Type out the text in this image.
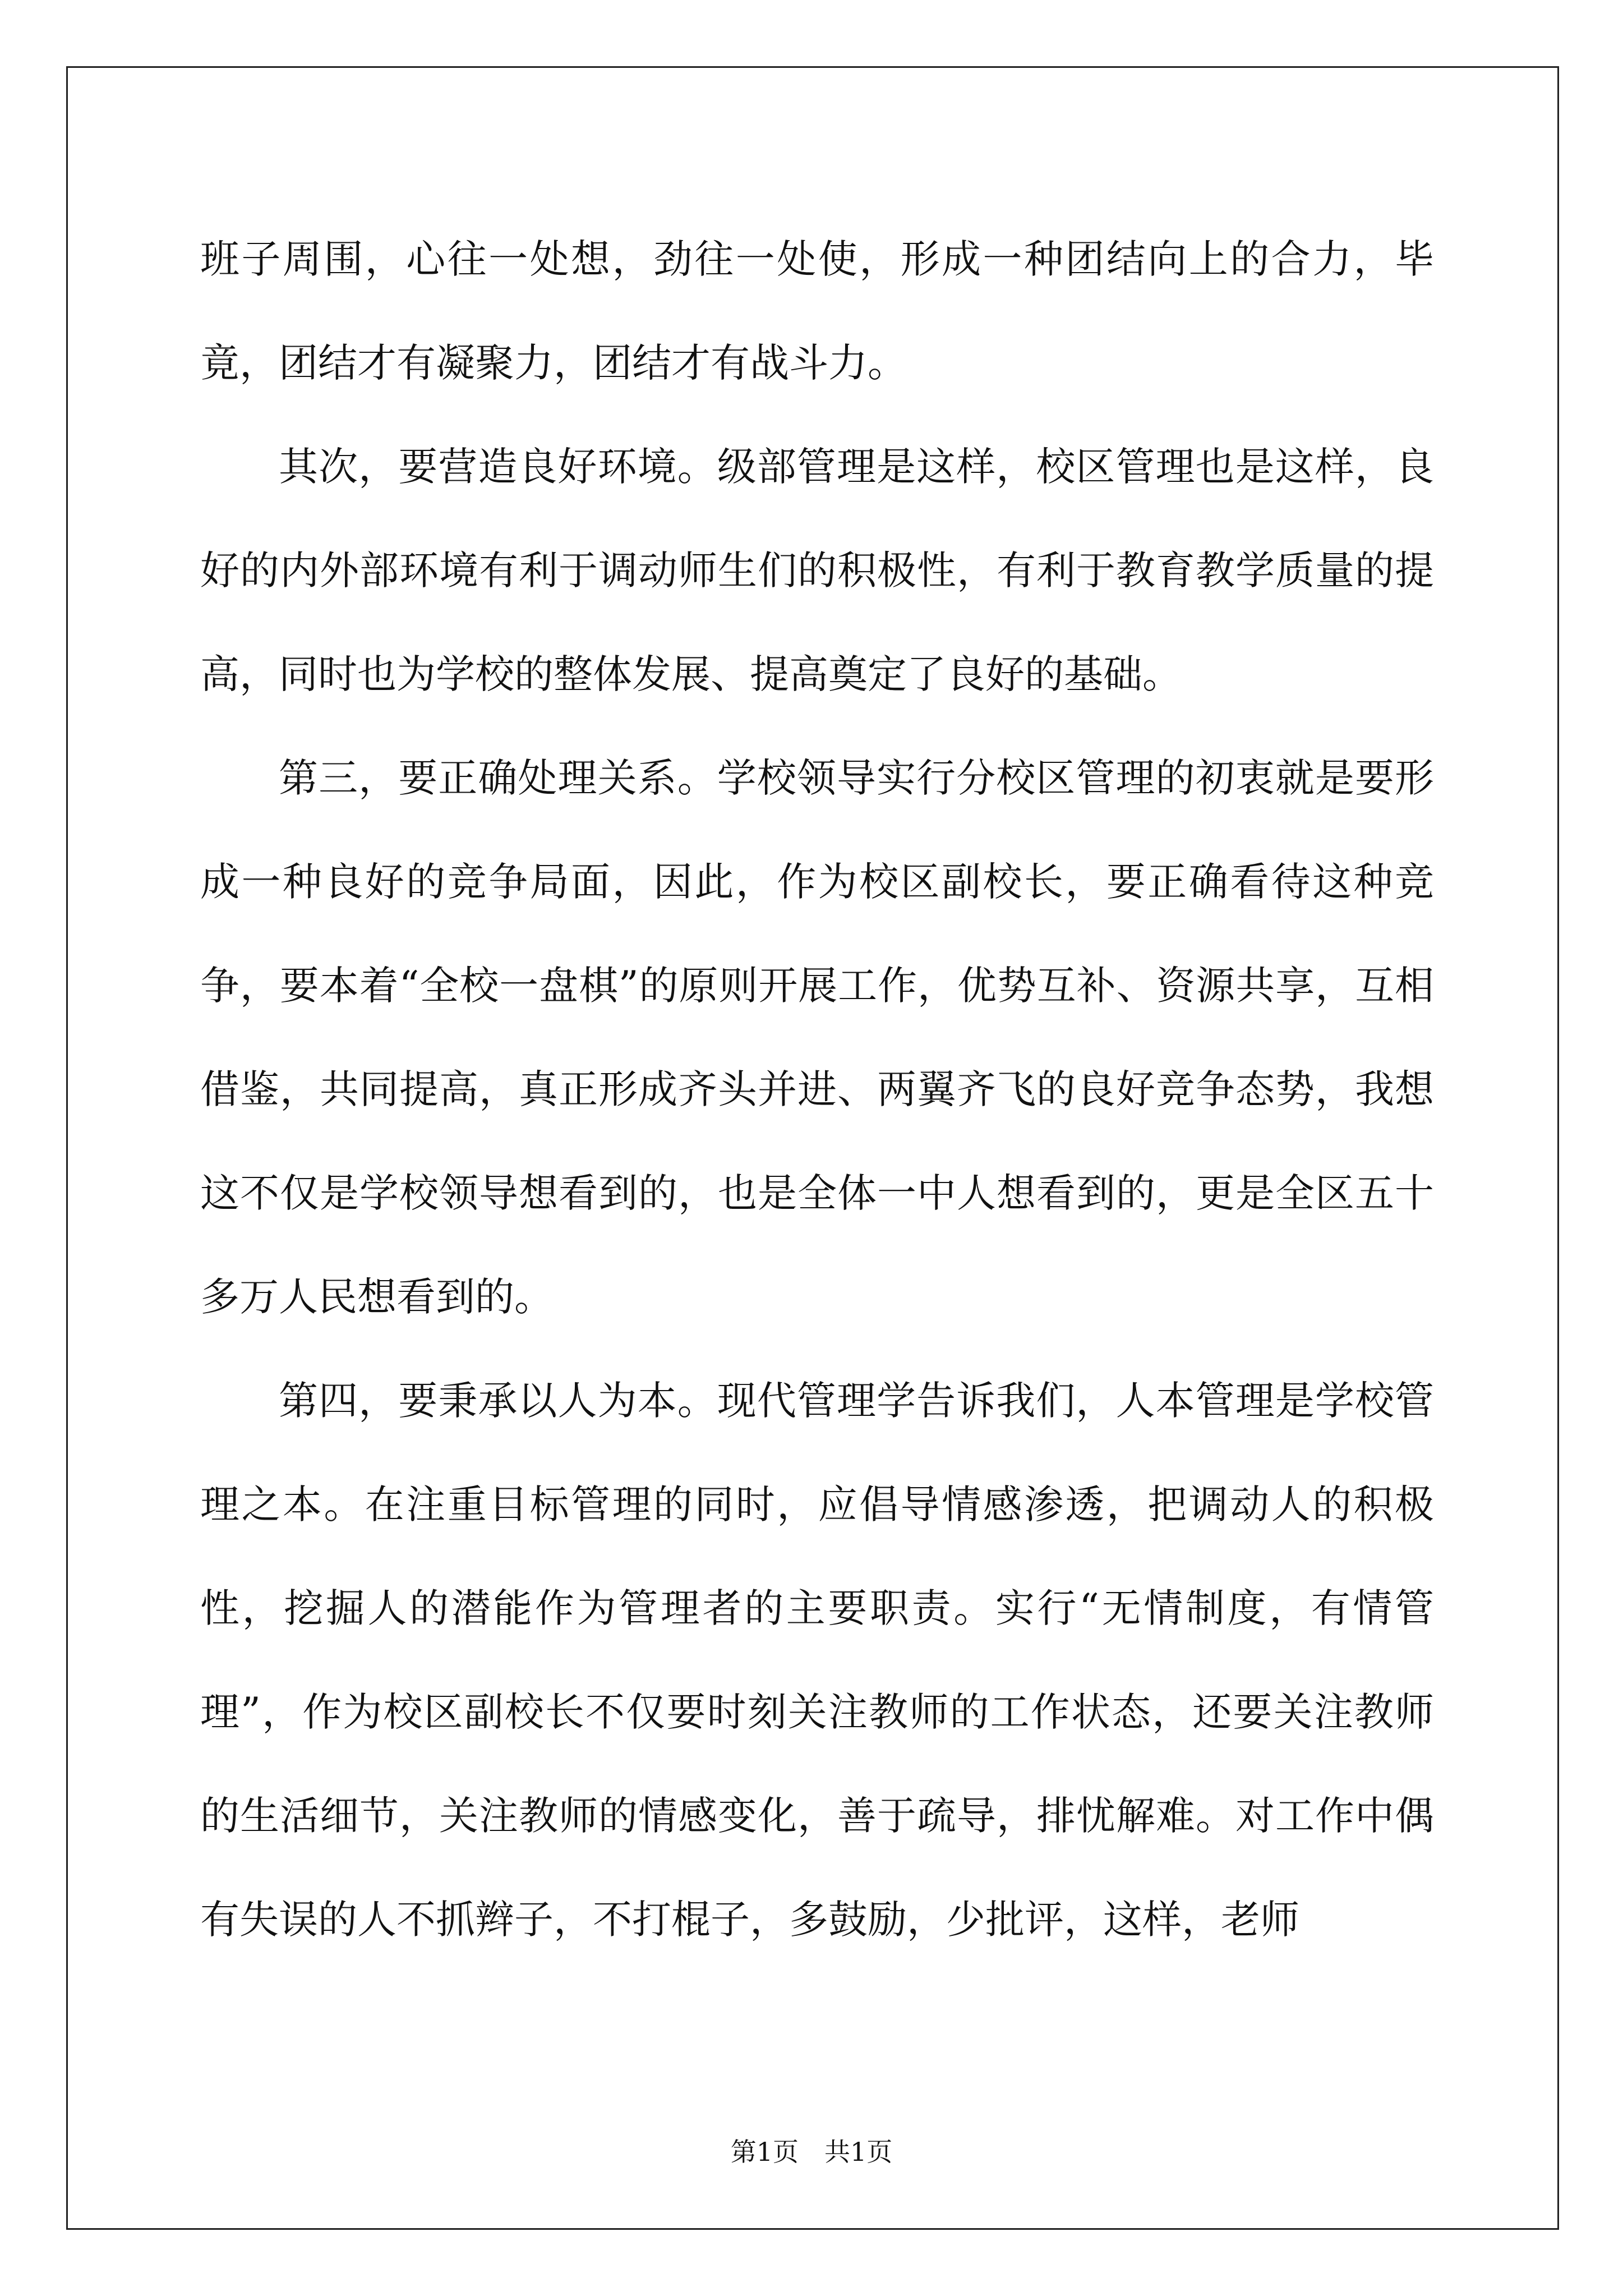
班子周围，心往一处想，劲往一处使，形成一种团结向上的合力，毕竟，团结才有凝聚力，团结才有战斗力。

其次，要营造良好环境。级部管理是这样，校区管理也是这样，良好的内外部环境有利于调动师生们的积极性，有利于教育教学质量的提高，同时也为学校的整体发展、提高奠定了良好的基础。

第三，要正确处理关系。学校领导实行分校区管理的初衷就是要形成一种良好的竞争局面，因此，作为校区副校长，要正确看待这种竞争，要本着“全校一盘棋”的原则开展工作，优势互补、资源共享，互相借鉴，共同提高，真正形成齐头并进、两翼齐飞的良好竞争态势，我想这不仅是学校领导想看到的，也是全体一中人想看到的，更是全区五十多万人民想看到的。

第四，要秉承以人为本。现代管理学告诉我们，人本管理是学校管理之本。在注重目标管理的同时，应倡导情感渗透，把调动人的积极性，挖掘人的潜能作为管理者的主要职责。实行“无情制度，有情管理”，作为校区副校长不仅要时刻关注教师的工作状态，还要关注教师的生活细节，关注教师的情感变化，善于疏导，排忧解难。对工作中偶有失误的人不抓辫子，不打棍子，多鼓励，少批评，这样，老师

第1页　共1页
